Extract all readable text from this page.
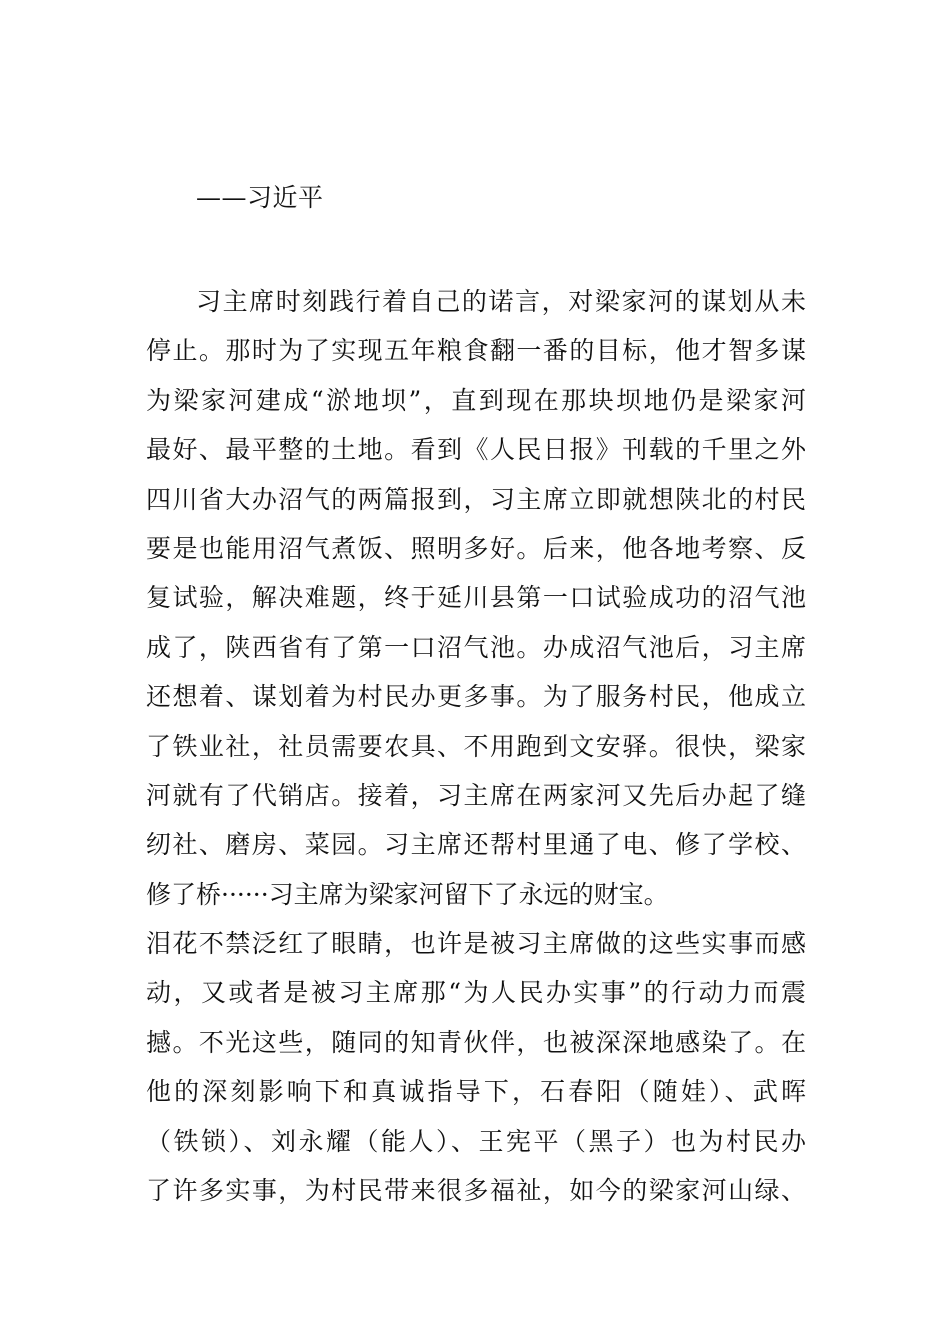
——习近平
习主席时刻践行着自己的诺言，对梁家河的谋划从未
停止。那时为了实现五年粮食翻一番的目标，他才智多谋
为梁家河建成“淤地坝”，直到现在那块坝地仍是梁家河
最好、最平整的土地。看到《人民日报》刊载的千里之外
四川省大办沼气的两篇报到，习主席立即就想陕北的村民
要是也能用沼气煮饭、照明多好。后来，他各地考察、反
复试验，解决难题，终于延川县第一口试验成功的沼气池
成了，陕西省有了第一口沼气池。办成沼气池后，习主席
还想着、谋划着为村民办更多事。为了服务村民，他成立
了铁业社，社员需要农具、不用跑到文安驿。很快，梁家
河就有了代销店。接着，习主席在两家河又先后办起了缝
纫社、磨房、菜园。习主席还帮村里通了电、修了学校、
修了桥······习主席为梁家河留下了永远的财宝。
泪花不禁泛红了眼睛，也许是被习主席做的这些实事而感
动，又或者是被习主席那“为人民办实事”的行动力而震
撼。不光这些，随同的知青伙伴，也被深深地感染了。在
他的深刻影响下和真诚指导下，石春阳（随娃）、武晖
（铁锁）、刘永耀（能人）、王宪平（黑子）也为村民办
了许多实事，为村民带来很多福祉，如今的梁家河山绿、
